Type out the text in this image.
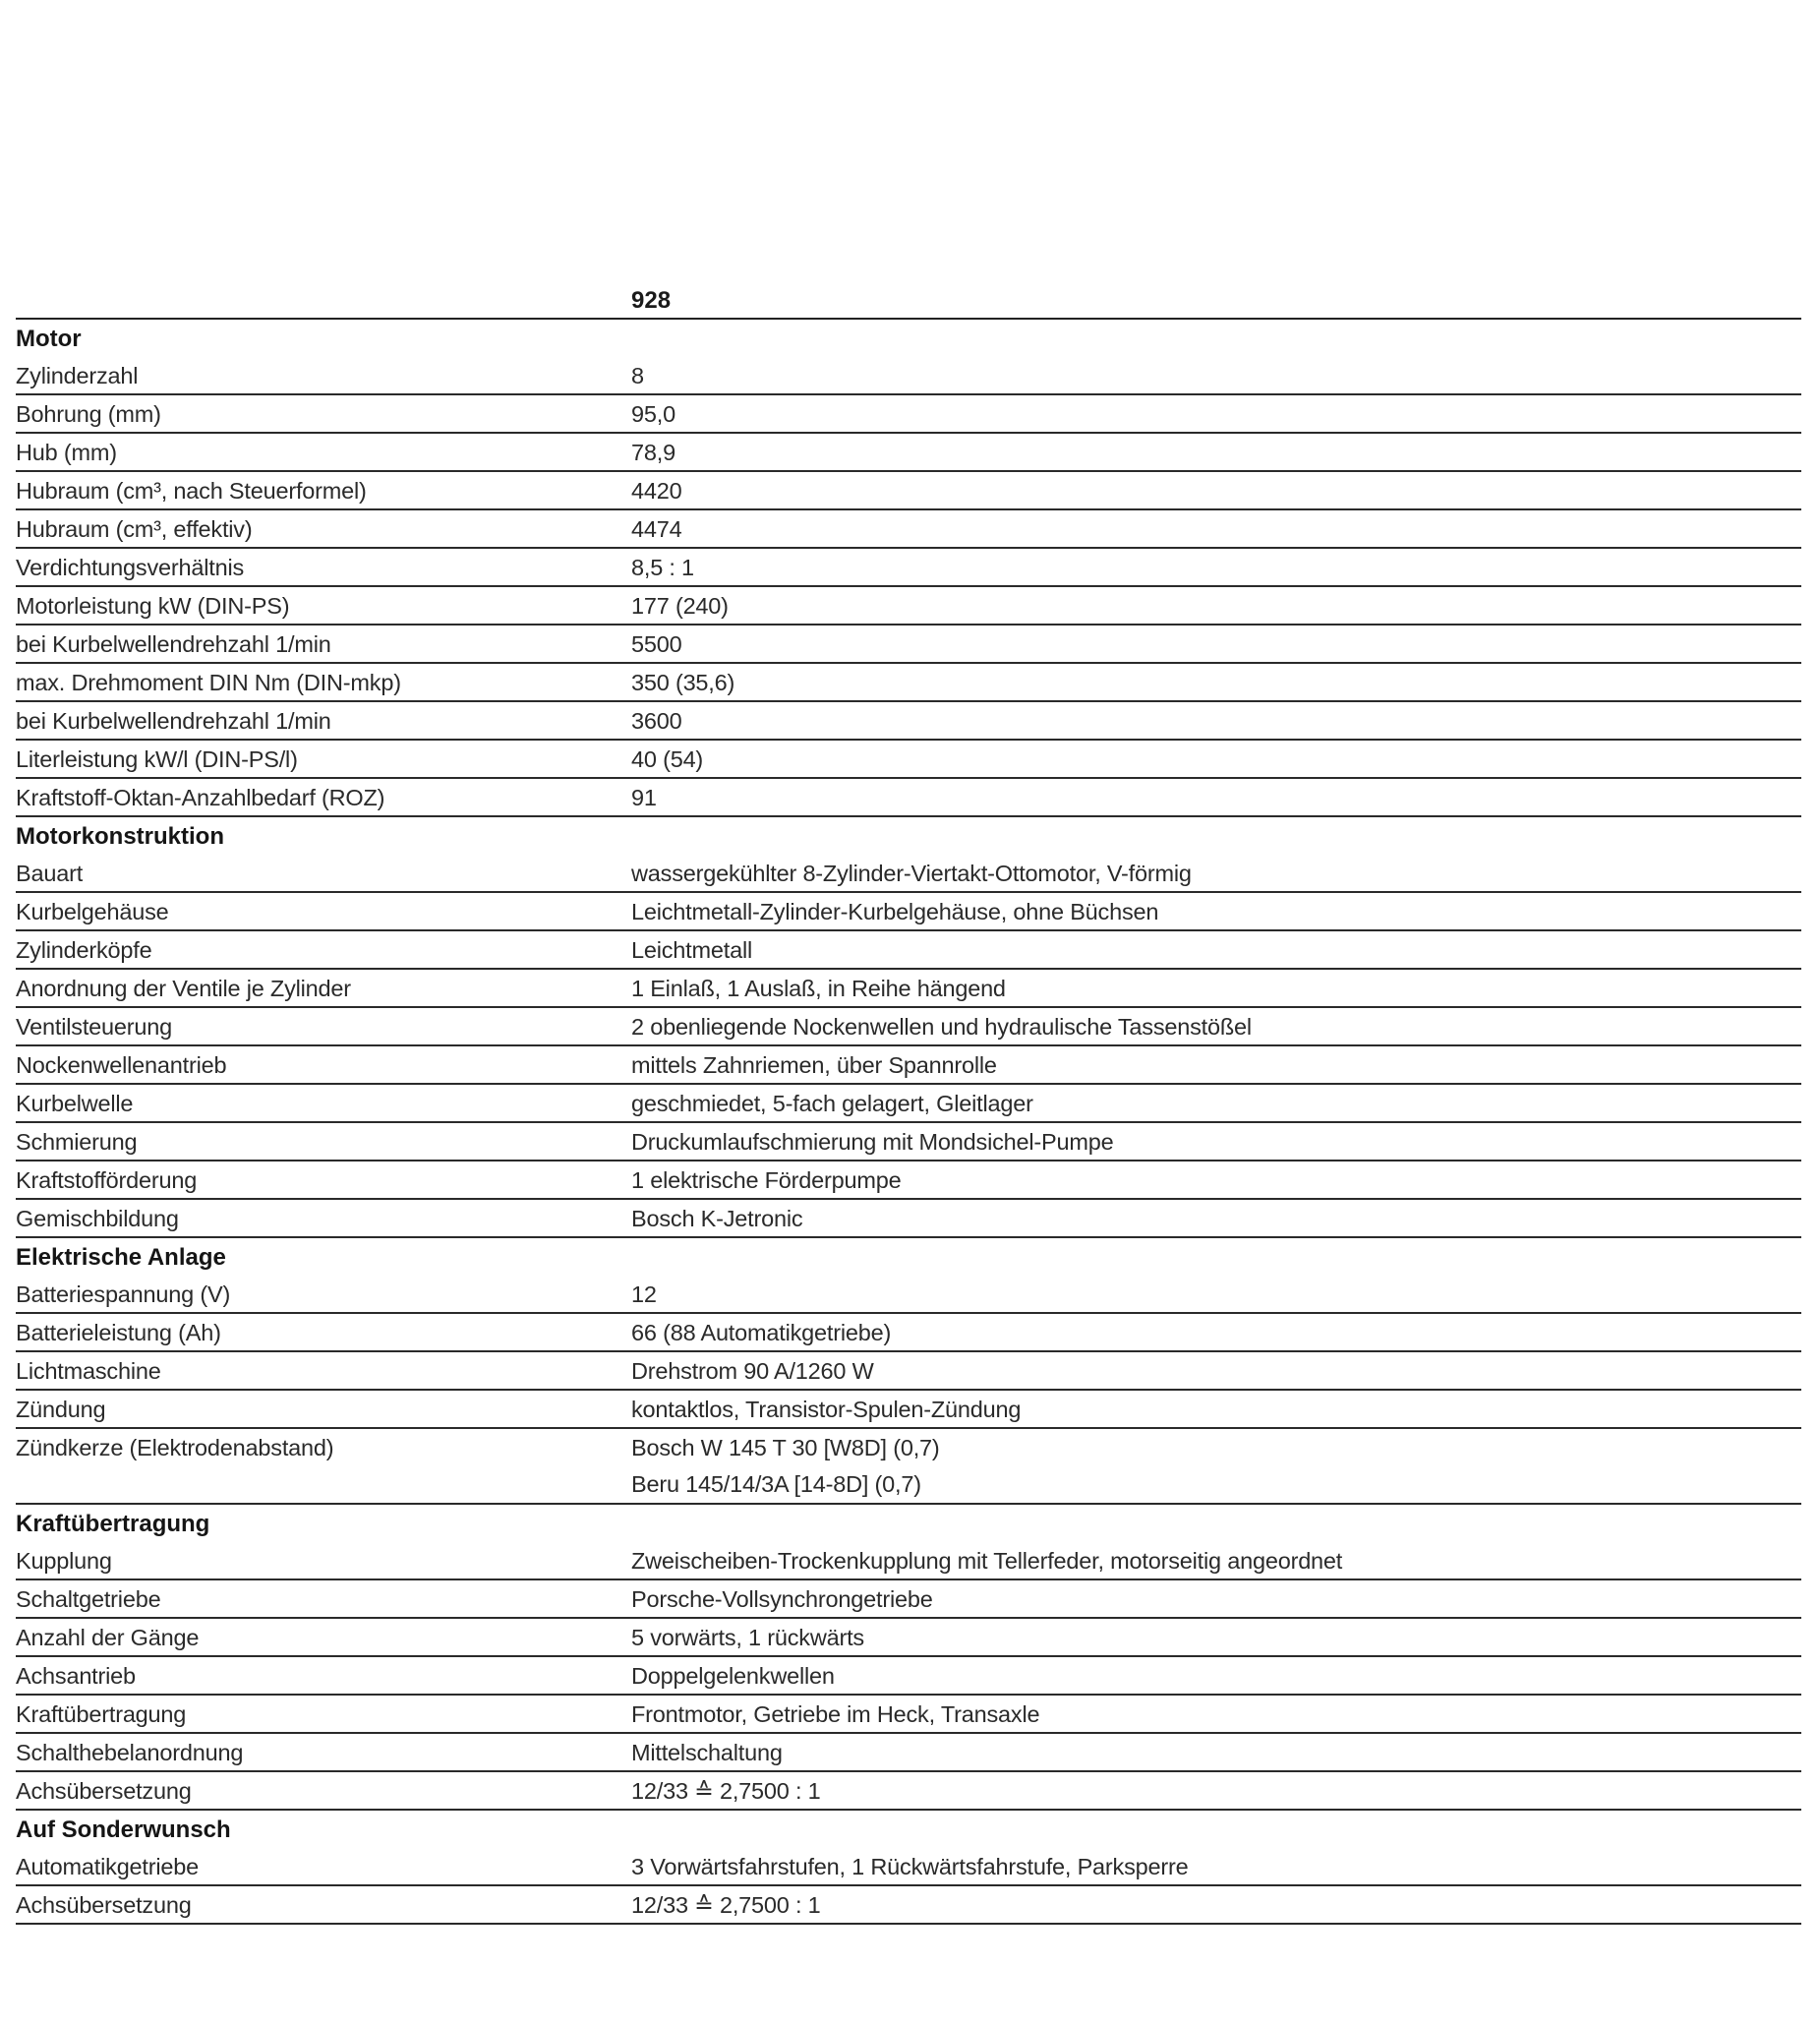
928
Motor
Zylinderzahl	8
Bohrung (mm)	95,0
Hub (mm)	78,9
Hubraum (cm³, nach Steuerformel)	4420
Hubraum (cm³, effektiv)	4474
Verdichtungsverhältnis	8,5 : 1
Motorleistung kW (DIN-PS)	177 (240)
bei Kurbelwellendrehzahl 1/min	5500
max. Drehmoment DIN Nm (DIN-mkp)	350 (35,6)
bei Kurbelwellendrehzahl 1/min	3600
Literleistung kW/l (DIN-PS/l)	40 (54)
Kraftstoff-Oktan-Anzahlbedarf (ROZ)	91
Motorkonstruktion
Bauart	wassergekühlter 8-Zylinder-Viertakt-Ottomotor, V-förmig
Kurbelgehäuse	Leichtmetall-Zylinder-Kurbelgehäuse, ohne Büchsen
Zylinderköpfe	Leichtmetall
Anordnung der Ventile je Zylinder	1 Einlaß, 1 Auslaß, in Reihe hängend
Ventilsteuerung	2 obenliegende Nockenwellen und hydraulische Tassenstößel
Nockenwellenantrieb	mittels Zahnriemen, über Spannrolle
Kurbelwelle	geschmiedet, 5-fach gelagert, Gleitlager
Schmierung	Druckumlaufschmierung mit Mondsichel-Pumpe
Kraftstofförderung	1 elektrische Förderpumpe
Gemischbildung	Bosch K-Jetronic
Elektrische Anlage
Batteriespannung (V)	12
Batterieleistung (Ah)	66 (88 Automatikgetriebe)
Lichtmaschine	Drehstrom 90 A/1260 W
Zündung	kontaktlos, Transistor-Spulen-Zündung
Zündkerze (Elektrodenabstand)	Bosch W 145 T 30 [W8D] (0,7)
Beru 145/14/3A [14-8D] (0,7)
Kraftübertragung
Kupplung	Zweischeiben-Trockenkupplung mit Tellerfeder, motorseitig angeordnet
Schaltgetriebe	Porsche-Vollsynchrongetriebe
Anzahl der Gänge	5 vorwärts, 1 rückwärts
Achsantrieb	Doppelgelenkwellen
Kraftübertragung	Frontmotor, Getriebe im Heck, Transaxle
Schalthebelanordnung	Mittelschaltung
Achsübersetzung	12/33 ≙ 2,7500 : 1
Auf Sonderwunsch
Automatikgetriebe	3 Vorwärtsfahrstufen, 1 Rückwärtsfahrstufe, Parksperre
Achsübersetzung	12/33 ≙ 2,7500 : 1
